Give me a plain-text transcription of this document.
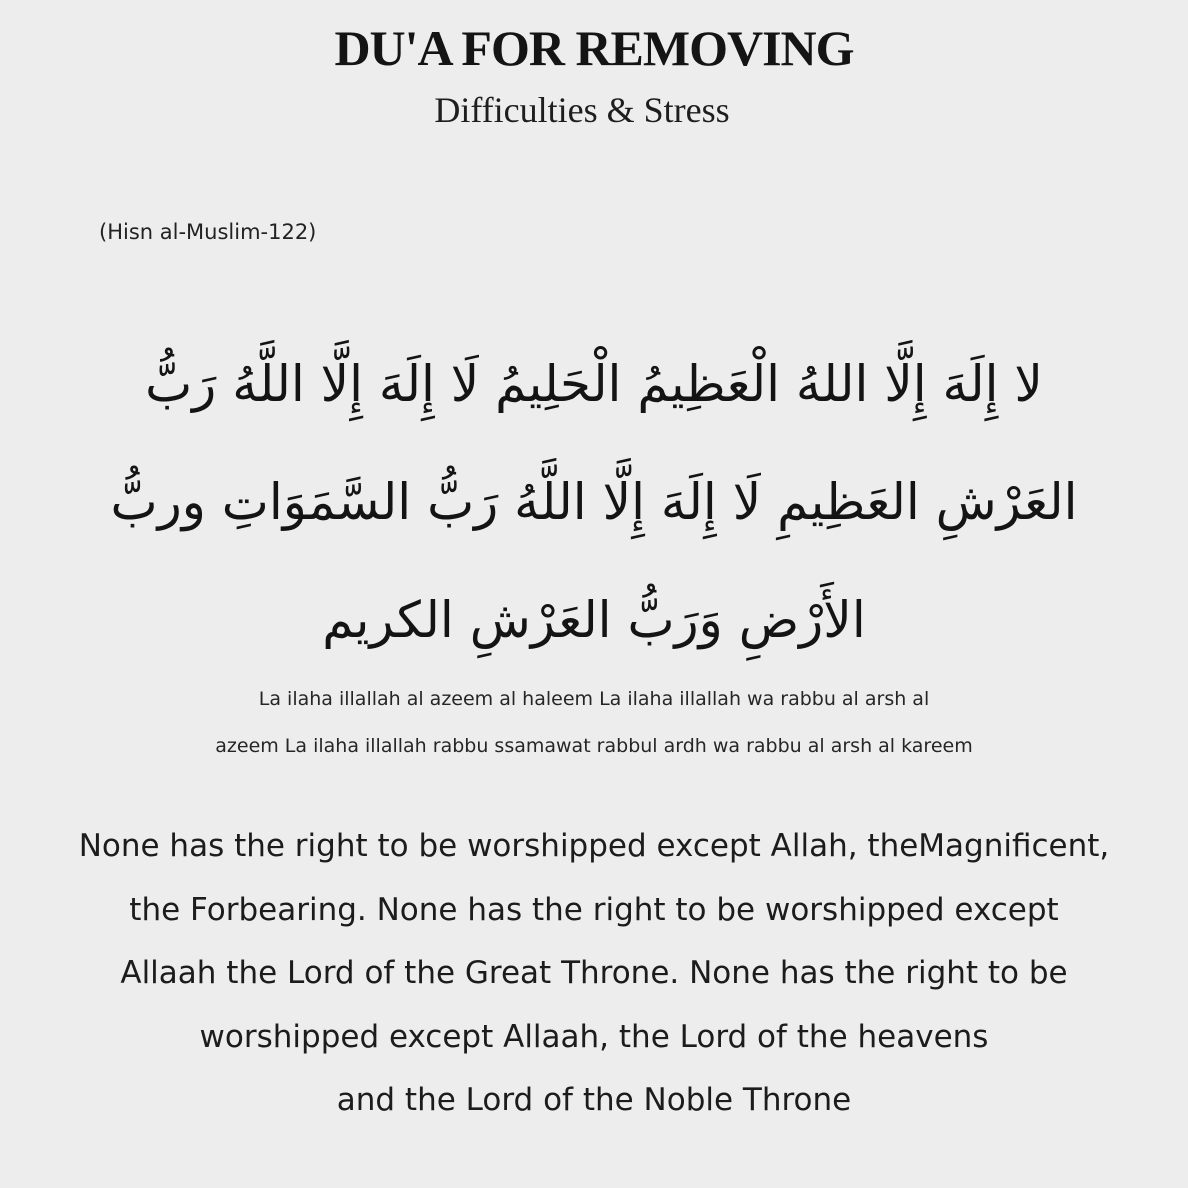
DU'A FOR REMOVING
Difficulties & Stress
(Hisn al-Muslim-122)
لا إِلَهَ إِلَّا اللهُ الْعَظِيمُ الْحَلِيمُ لَا إِلَهَ إِلَّا اللَّهُ رَبُّ
العَرْشِ العَظِيمِ لَا إِلَهَ إِلَّا اللَّهُ رَبُّ السَّمَوَاتِ وربُّ
الأَرْضِ وَرَبُّ العَرْشِ الكريم
La ilaha illallah al azeem al haleem La ilaha illallah wa rabbu al arsh al
azeem La ilaha illallah rabbu ssamawat rabbul ardh wa rabbu al arsh al kareem
None has the right to be worshipped except Allah, theMagnificent,
the Forbearing. None has the right to be worshipped except
Allaah the Lord of the Great Throne. None has the right to be
worshipped except Allaah, the Lord of the heavens
and the Lord of the Noble Throne
